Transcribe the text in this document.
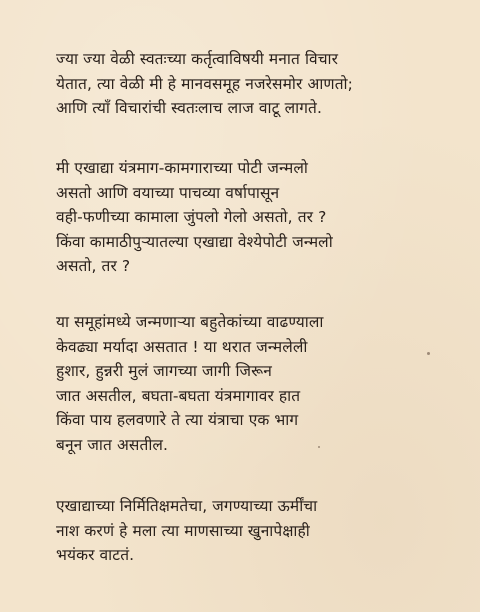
ज्या ज्या वेळी स्वतःच्या कर्तृत्वाविषयी मनात विचार
येतात, त्या वेळी मी हे मानवसमूह नजरेसमोर आणतो;
आणि त्यॉं विचारांची स्वतःलाच लाज वाटू लागते.
मी एखाद्या यंत्रमाग-कामगाराच्या पोटी जन्मलो
असतो आणि वयाच्या पाचव्या वर्षापासून
वही-फणीच्या कामाला जुंपलो गेलो असतो, तर ?
किंवा कामाठीपुऱ्यातल्या एखाद्या वेश्येपोटी जन्मलो
असतो, तर ?
या समूहांमध्ये जन्मणाऱ्या बहुतेकांच्या वाढण्याला
केवढ्या मर्यादा असतात ! या थरात जन्मलेली
हुशार, हुन्नरी मुलं जागच्या जागी जिरून
जात असतील, बघता-बघता यंत्रमागावर हात
किंवा पाय हलवणारे ते त्या यंत्राचा एक भाग
बनून जात असतील.
एखाद्याच्या निर्मितिक्षमतेचा, जगण्याच्या ऊर्मींचा
नाश करणं हे मला त्या माणसाच्या खुनापेक्षाही
भयंकर वाटतं.
